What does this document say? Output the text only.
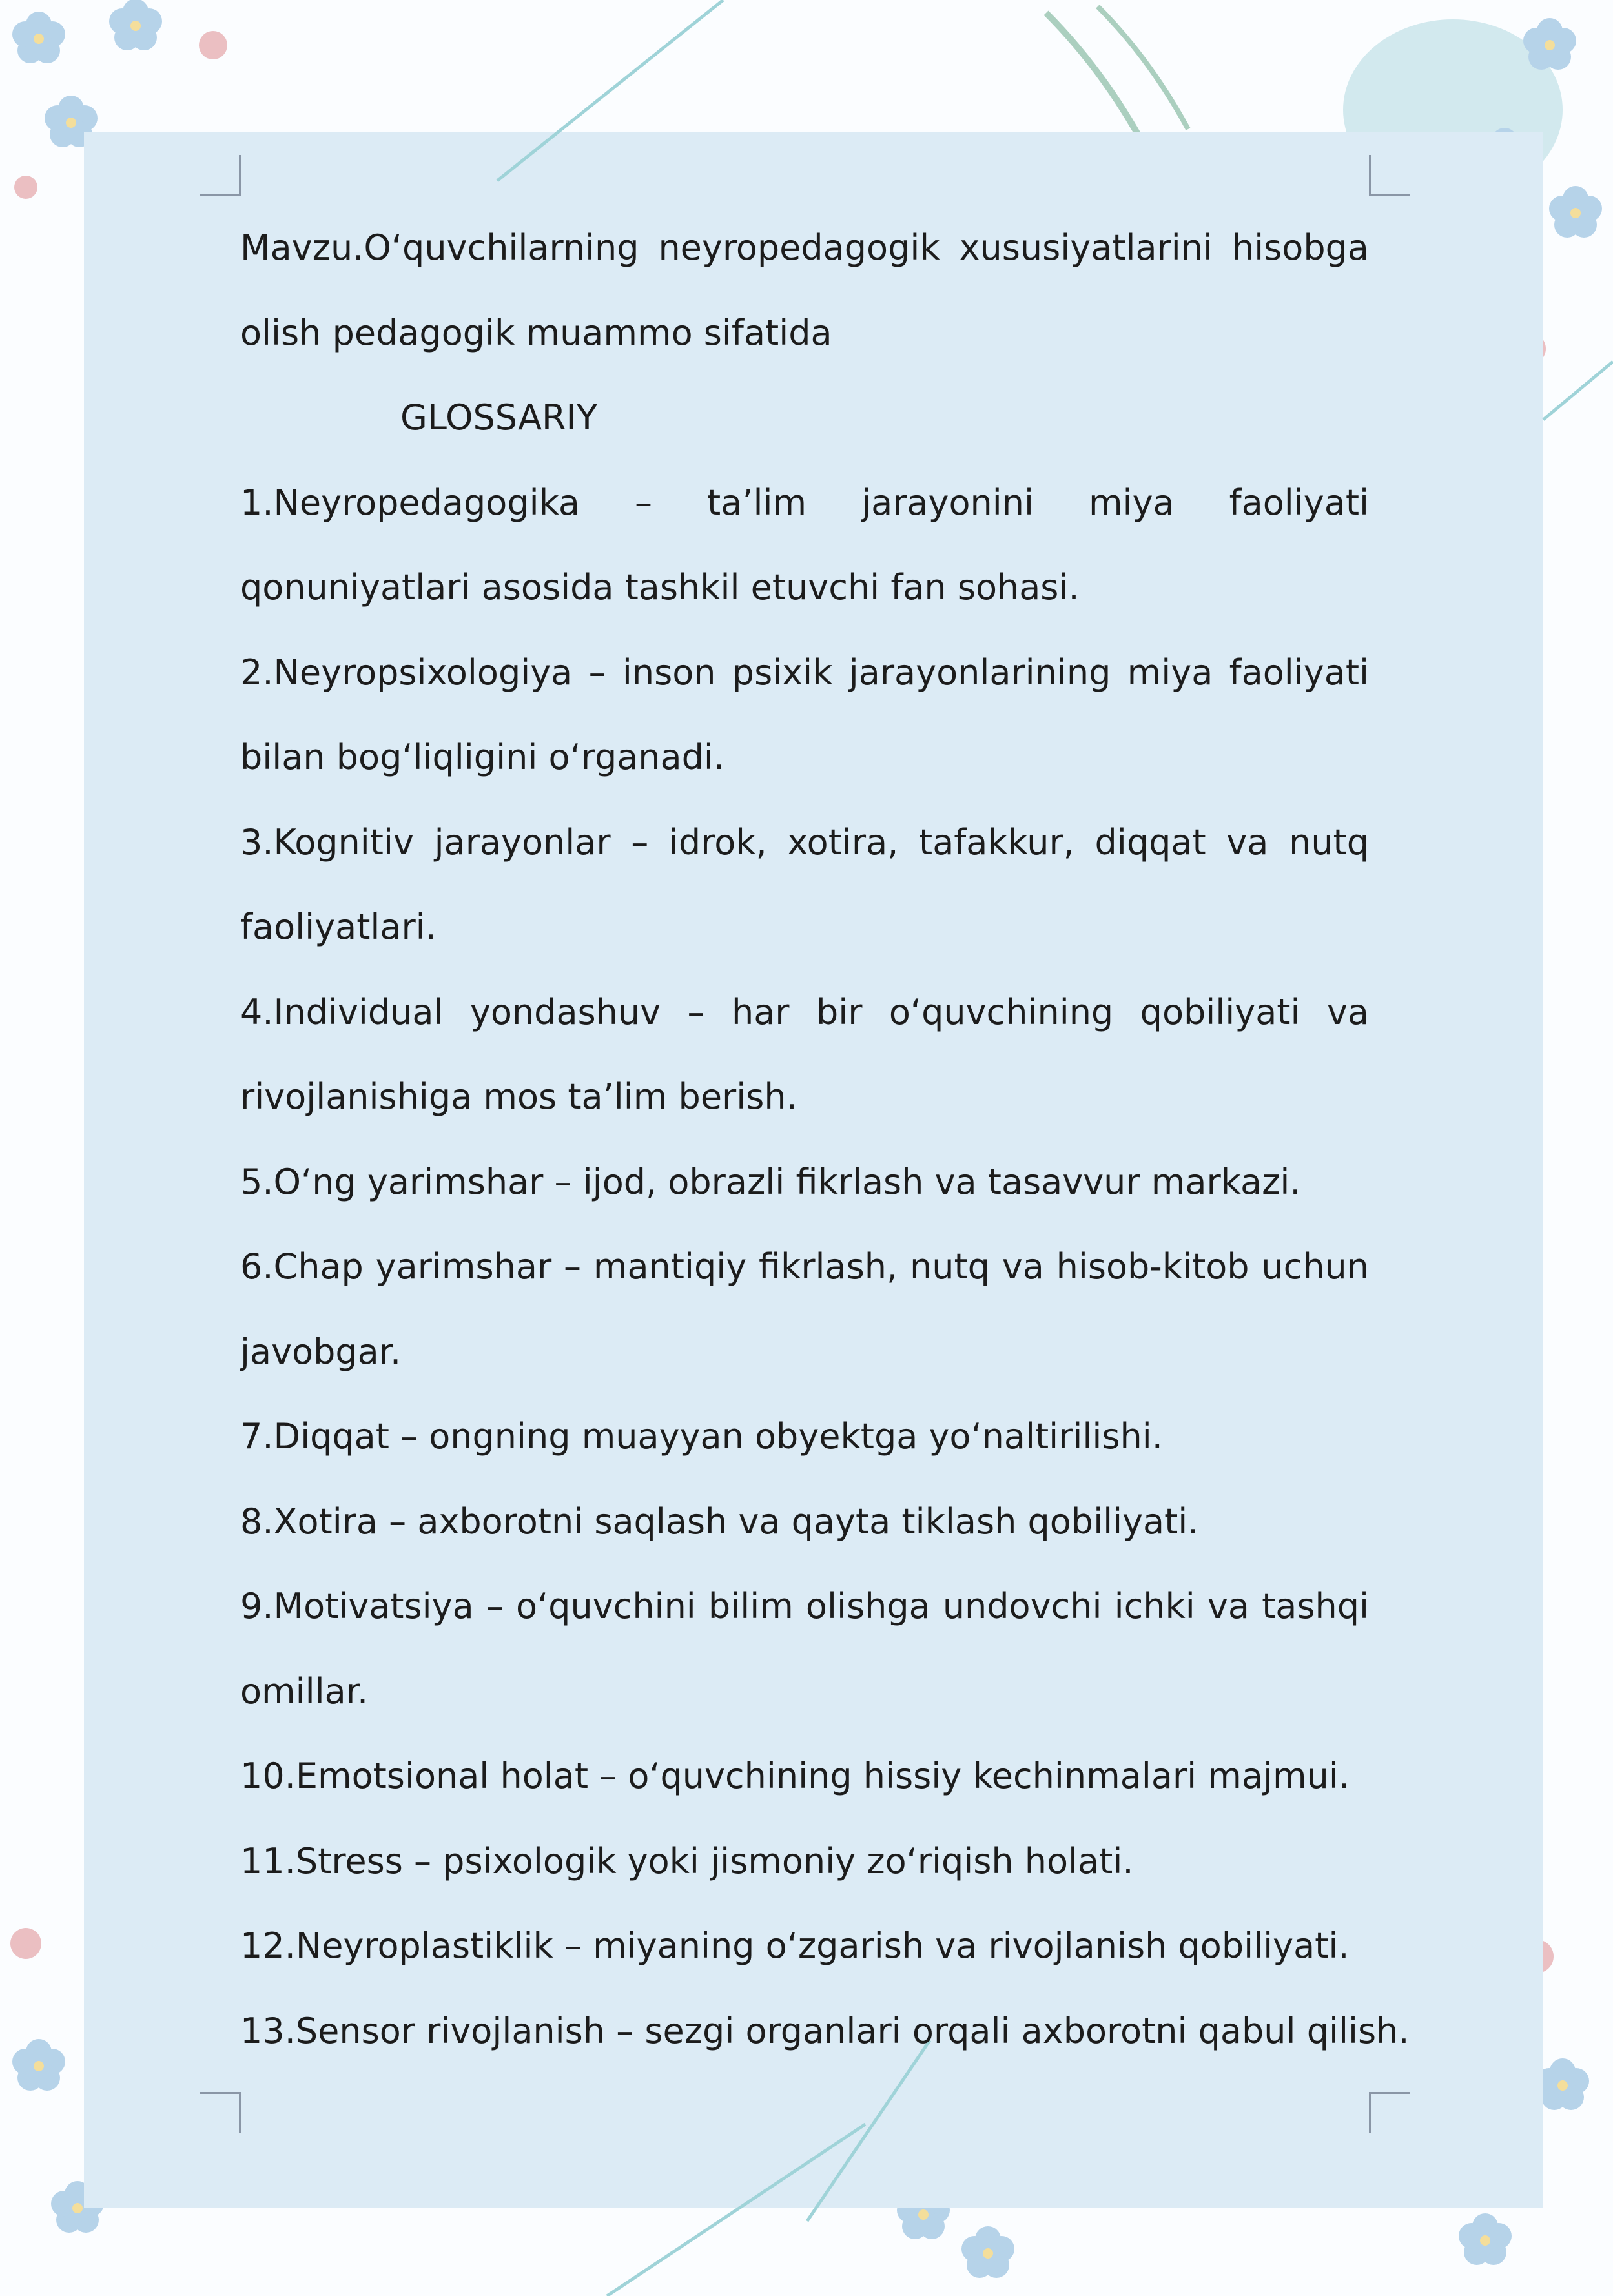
Mavzu.O‘quvchilarning neyropedagogik xususiyatlarini hisobga olish pedagogik muammo sifatida

GLOSSARIY

1.Neyropedagogika – ta’lim jarayonini miya faoliyati qonuniyatlari asosida tashkil etuvchi fan sohasi.

2.Neyropsixologiya – inson psixik jarayonlarining miya faoliyati bilan bog‘liqligini o‘rganadi.

3.Kognitiv jarayonlar – idrok, xotira, tafakkur, diqqat va nutq faoliyatlari.

4.Individual yondashuv – har bir o‘quvchining qobiliyati va rivojlanishiga mos ta’lim berish.

5.O‘ng yarimshar – ijod, obrazli fikrlash va tasavvur markazi.

6.Chap yarimshar – mantiqiy fikrlash, nutq va hisob-kitob uchun javobgar.

7.Diqqat – ongning muayyan obyektga yo‘naltirilishi.

8.Xotira – axborotni saqlash va qayta tiklash qobiliyati.

9.Motivatsiya – o‘quvchini bilim olishga undovchi ichki va tashqi omillar.

10.Emotsional holat – o‘quvchining hissiy kechinmalari majmui.

11.Stress – psixologik yoki jismoniy zo‘riqish holati.

12.Neyroplastiklik – miyaning o‘zgarish va rivojlanish qobiliyati.

13.Sensor rivojlanish – sezgi organlari orqali axborotni qabul qilish.
